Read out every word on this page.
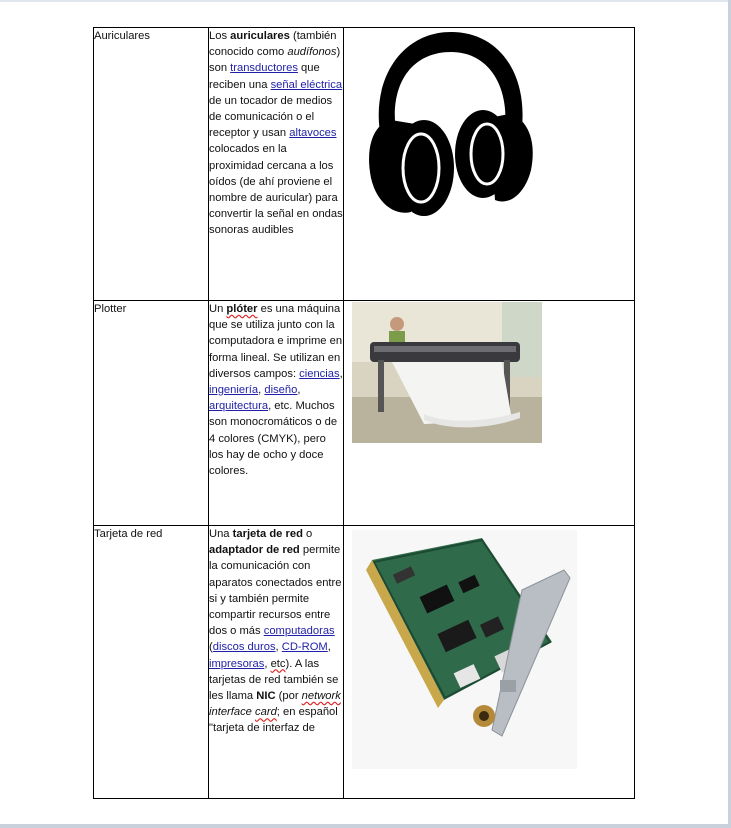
Auriculares	Los auriculares (también conocido como audífonos) son transductores que reciben una señal eléctrica de un tocador de medios de comunicación o el receptor y usan altavoces colocados en la proximidad cercana a los oídos (de ahí proviene el nombre de auricular) para convertir la señal en ondas sonoras audibles	

Plotter	Un plóter es una máquina que se utiliza junto con la computadora e imprime en forma lineal. Se utilizan en diversos campos: ciencias, ingeniería, diseño, arquitectura, etc. Muchos son monocromáticos o de 4 colores (CMYK), pero los hay de ocho y doce colores.	

Tarjeta de red	Una tarjeta de red o adaptador de red permite la comunicación con aparatos conectados entre si y también permite compartir recursos entre dos o más computadoras (discos duros, CD-ROM, impresoras, etc). A las tarjetas de red también se les llama NIC (por network interface card; en español "tarjeta de interfaz de	
